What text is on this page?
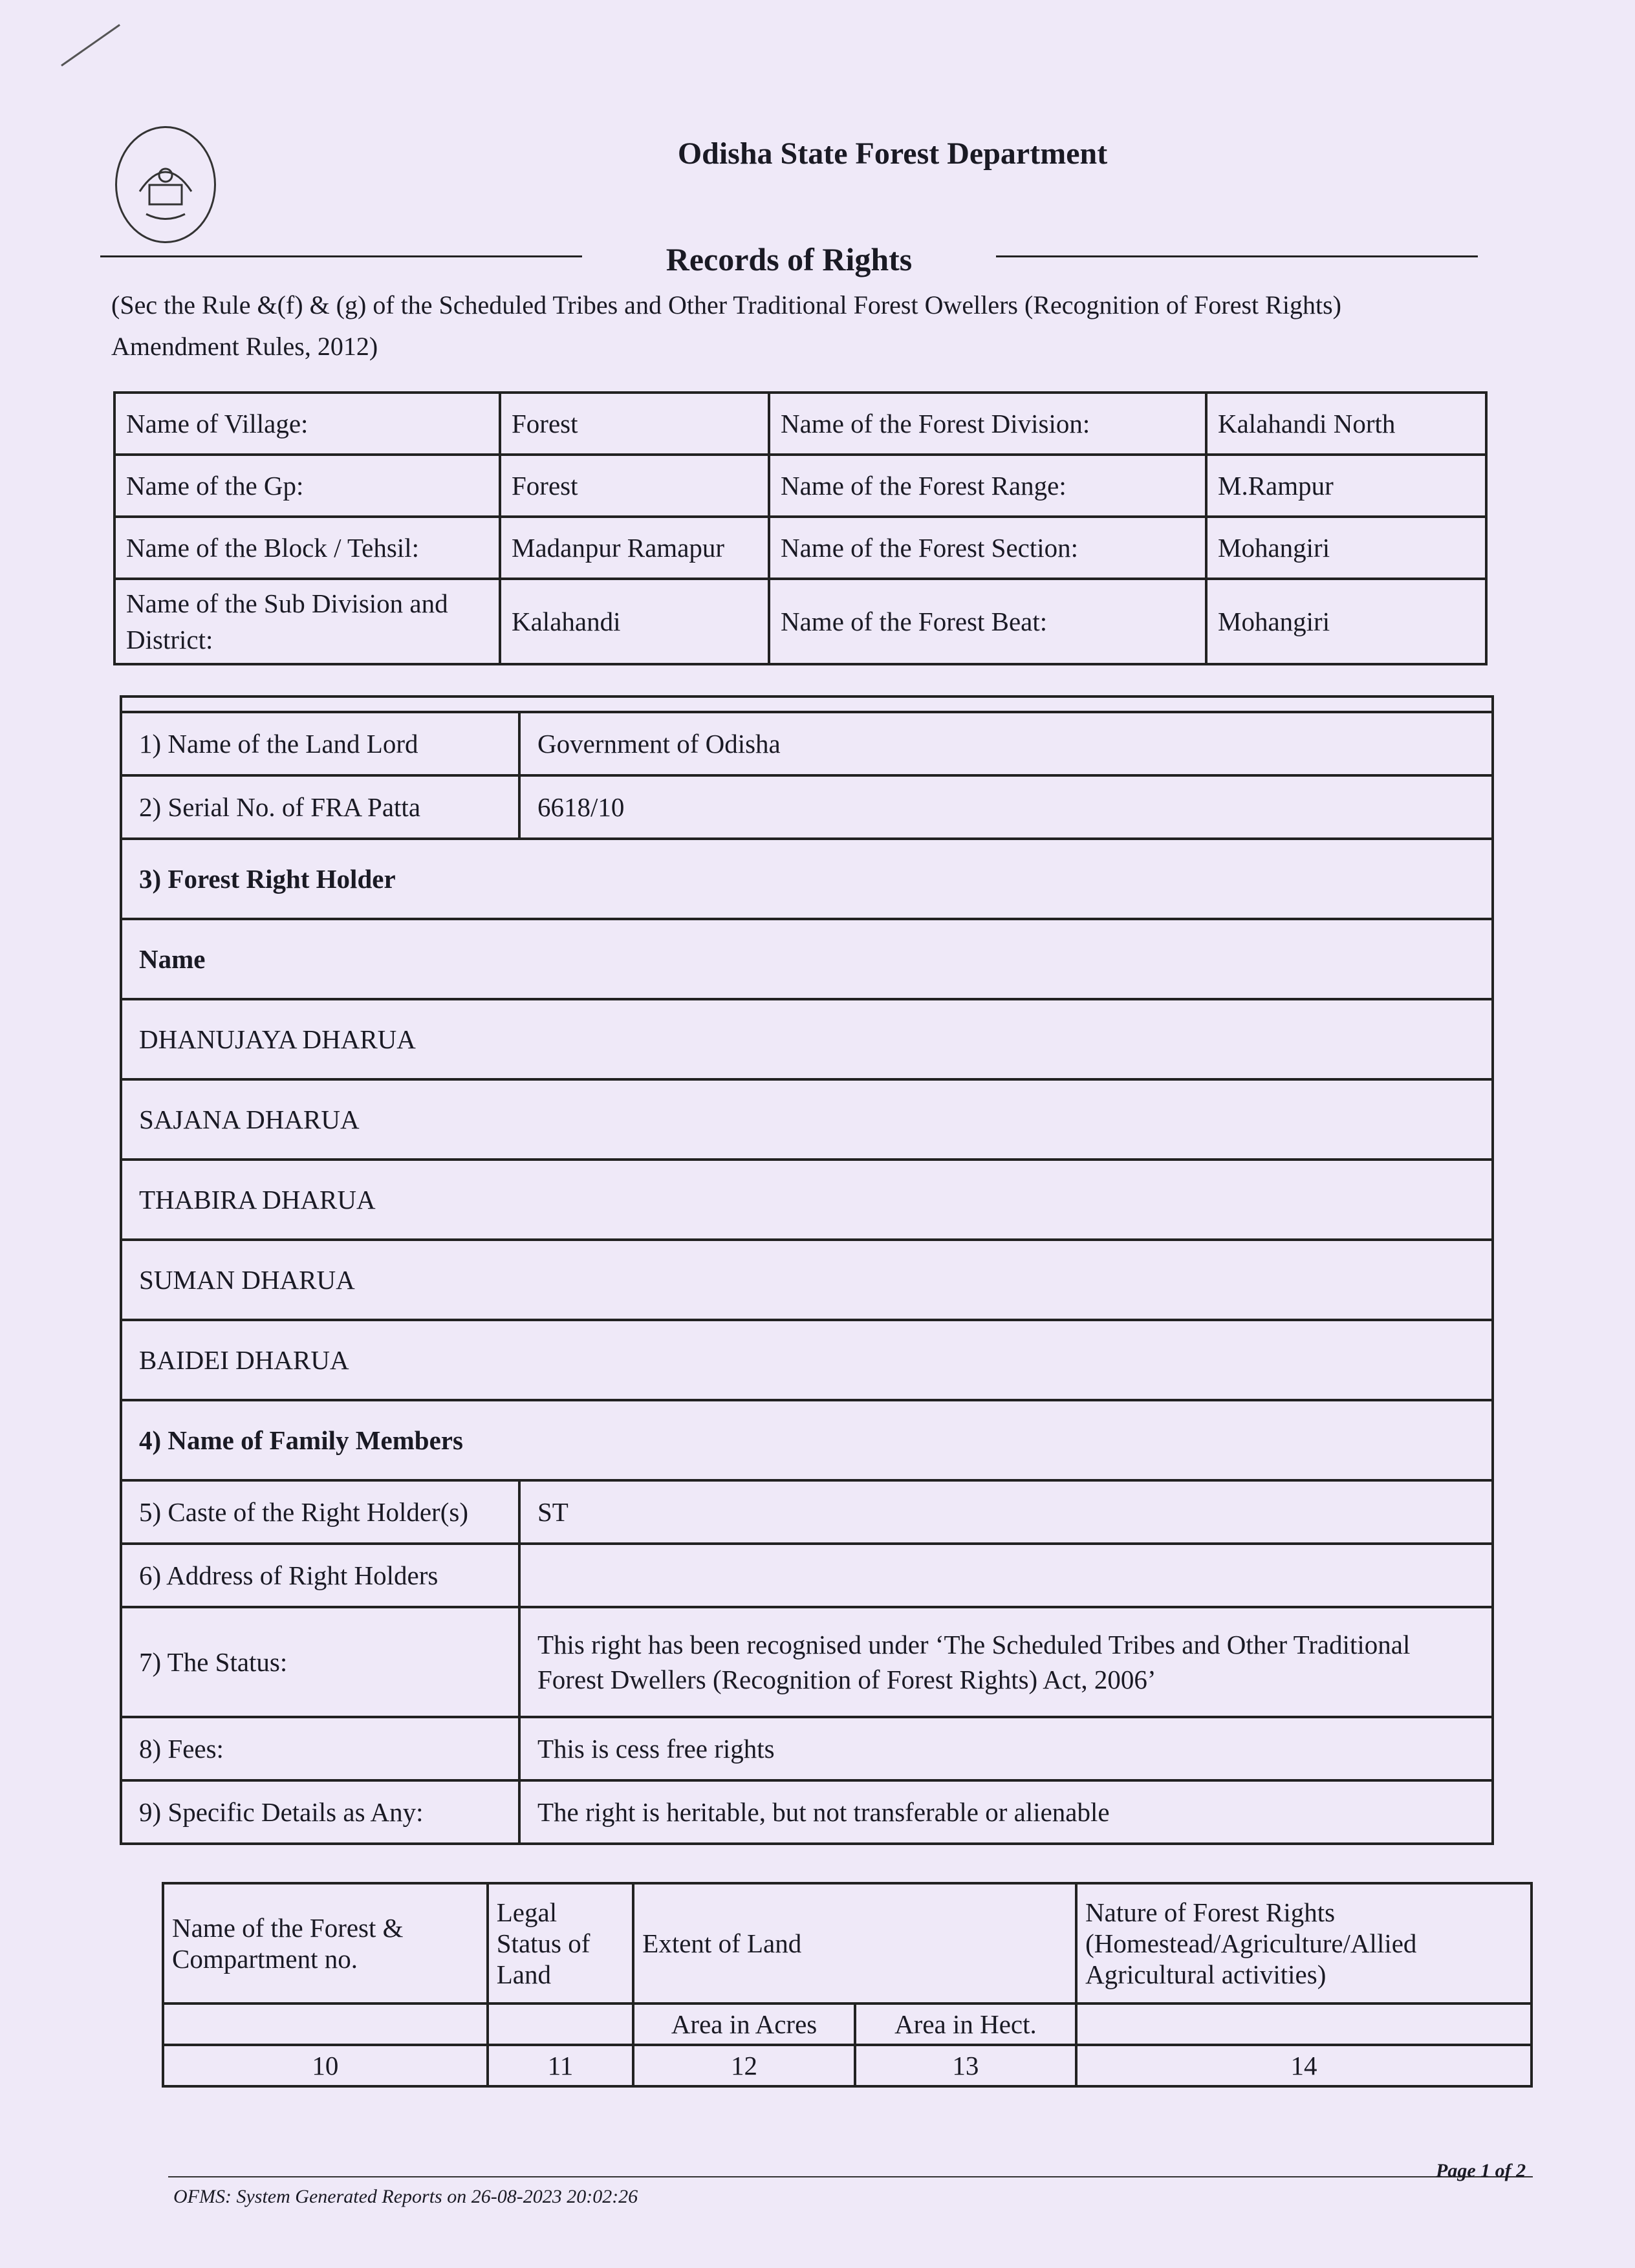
Odisha State Forest Department
Records of Rights
(Sec the Rule &(f) & (g) of the Scheduled Tribes and Other Traditional Forest Owellers (Recognition of Forest Rights) Amendment Rules, 2012)
Name of Village:	Forest	Name of the Forest Division:	Kalahandi North
Name of the Gp:	Forest	Name of the Forest Range:	M.Rampur
Name of the Block / Tehsil:	Madanpur Ramapur	Name of the Forest Section:	Mohangiri
Name of the Sub Division and District:	Kalahandi	Name of the Forest Beat:	Mohangiri

1) Name of the Land Lord	Government of Odisha
2) Serial No. of FRA Patta	6618/10
3) Forest Right Holder	
Name	
DHANUJAYA DHARUA	
SAJANA DHARUA	
THABIRA DHARUA	
SUMAN DHARUA	
BAIDEI DHARUA	
4) Name of Family Members	
5) Caste of the Right Holder(s)	ST
6) Address of Right Holders	
7) The Status:	This right has been recognised under ‘The Scheduled Tribes and Other Traditional
Forest Dwellers (Recognition of Forest Rights) Act, 2006’

8) Fees:	This is cess free rights
9) Specific Details as Any:	The right is heritable, but not transferable or alienable
Name of the Forest & Compartment no.	Legal Status of Land	Extent of Land		Nature of Forest Rights (Homestead/Agriculture/Allied Agricultural activities)
		Area in Acres	Area in Hect.	
10	11	12	13	14
OFMS: System Generated Reports on 26-08-2023 20:02:26
Page 1 of 2
